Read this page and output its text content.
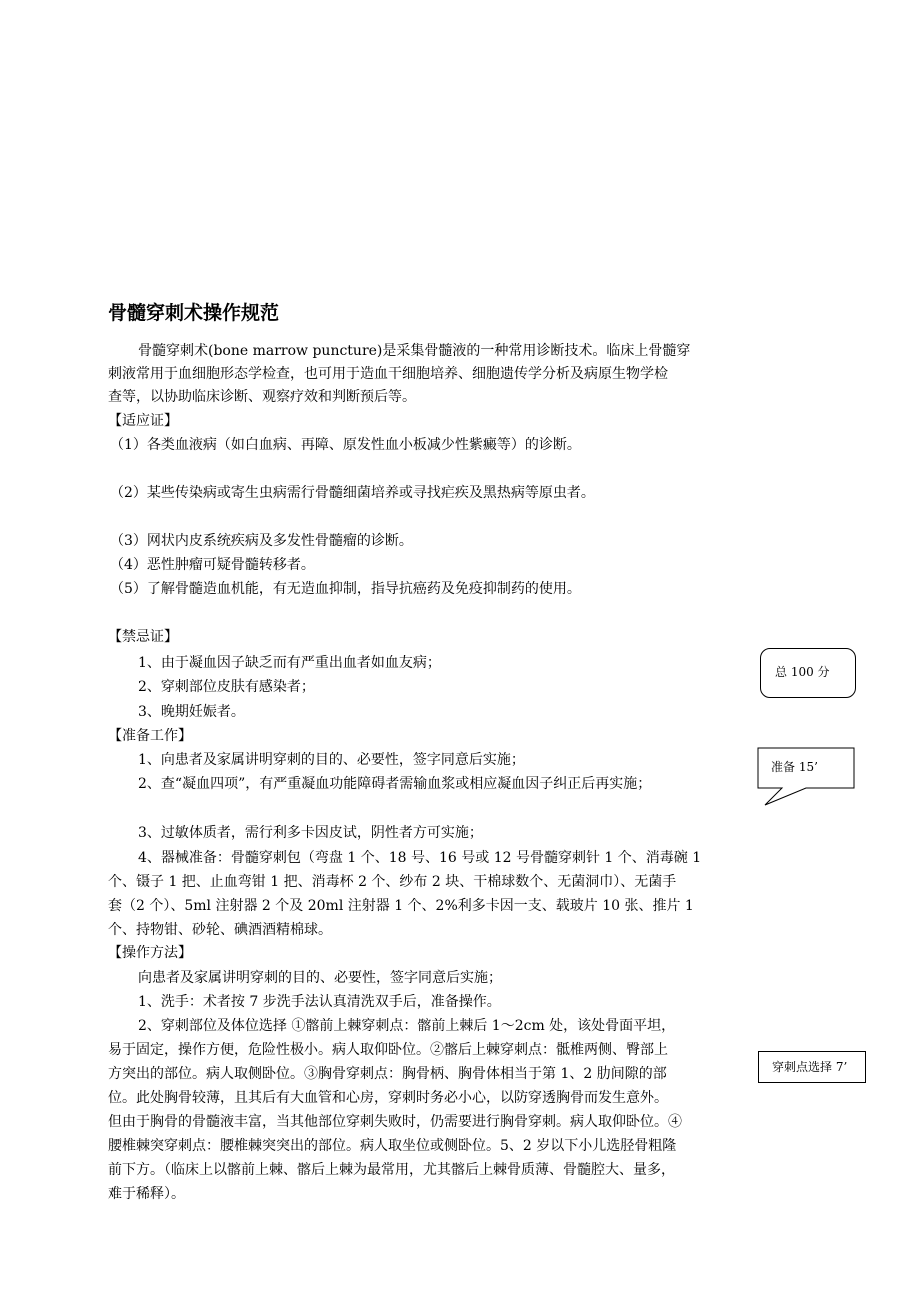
骨髓穿刺术操作规范
骨髓穿刺术(bone marrow puncture)是采集骨髓液的一种常用诊断技术。临床上骨髓穿
刺液常用于血细胞形态学检查，也可用于造血干细胞培养、细胞遗传学分析及病原生物学检
查等，以协助临床诊断、观察疗效和判断预后等。
【适应证】
（1）各类血液病（如白血病、再障、原发性血小板减少性紫癜等）的诊断。
（2）某些传染病或寄生虫病需行骨髓细菌培养或寻找疟疾及黑热病等原虫者。
（3）网状内皮系统疾病及多发性骨髓瘤的诊断。
（4）恶性肿瘤可疑骨髓转移者。
（5）了解骨髓造血机能，有无造血抑制，指导抗癌药及免疫抑制药的使用。
【禁忌证】
1、由于凝血因子缺乏而有严重出血者如血友病；
2、穿刺部位皮肤有感染者；
3、晚期妊娠者。
【准备工作】
1、向患者及家属讲明穿刺的目的、必要性，签字同意后实施；
2、查“凝血四项”，有严重凝血功能障碍者需输血浆或相应凝血因子纠正后再实施；
3、过敏体质者，需行利多卡因皮试，阴性者方可实施；
4、器械准备：骨髓穿刺包（弯盘 1 个、18 号、16 号或 12 号骨髓穿刺针 1 个、消毒碗 1
个、镊子 1 把、止血弯钳 1 把、消毒杯 2 个、纱布 2 块、干棉球数个、无菌洞巾）、无菌手
套（2 个）、5ml 注射器 2 个及 20ml 注射器 1 个、2%利多卡因一支、载玻片 10 张、推片 1
个、持物钳、砂轮、碘酒酒精棉球。
【操作方法】
向患者及家属讲明穿刺的目的、必要性，签字同意后实施；
1、洗手：术者按 7 步洗手法认真清洗双手后，准备操作。
2、穿刺部位及体位选择 ①髂前上棘穿刺点：髂前上棘后 1～2cm 处，该处骨面平坦，
易于固定，操作方便，危险性极小。病人取仰卧位。②髂后上棘穿刺点：骶椎两侧、臀部上
方突出的部位。病人取侧卧位。③胸骨穿刺点：胸骨柄、胸骨体相当于第 1、2 肋间隙的部
位。此处胸骨较薄，且其后有大血管和心房，穿刺时务必小心，以防穿透胸骨而发生意外。
但由于胸骨的骨髓液丰富，当其他部位穿刺失败时，仍需要进行胸骨穿刺。病人取仰卧位。④
腰椎棘突穿刺点：腰椎棘突突出的部位。病人取坐位或侧卧位。5、2 岁以下小儿选胫骨粗隆
前下方。（临床上以髂前上棘、髂后上棘为最常用，尤其髂后上棘骨质薄、骨髓腔大、量多，
难于稀释）。
总 100 分
准备 15’
穿刺点选择 7’
